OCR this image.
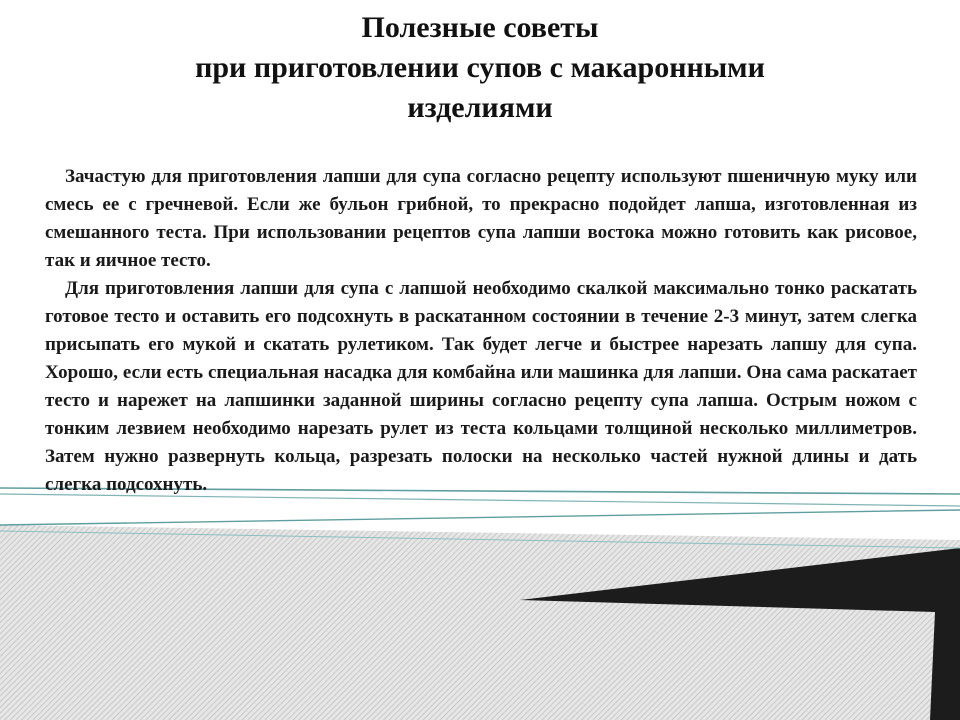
Полезные советы
при приготовлении супов с макаронными
изделиями

Зачастую для приготовления лапши для супа согласно рецепту используют пшеничную муку или смесь ее с гречневой. Если же бульон грибной, то прекрасно подойдет лапша, изготовленная из смешанного теста. При использовании рецептов супа лапши востока можно готовить как рисовое, так и яичное тесто.

Для приготовления лапши для супа с лапшой необходимо скалкой максимально тонко раскатать готовое тесто и оставить его подсохнуть в раскатанном состоянии в течение 2-3 минут, затем слегка присыпать его мукой и скатать рулетиком. Так будет легче и быстрее нарезать лапшу для супа. Хорошо, если есть специальная насадка для комбайна или машинка для лапши. Она сама раскатает тесто и нарежет на лапшинки заданной ширины согласно рецепту супа лапша. Острым ножом с тонким лезвием необходимо нарезать рулет из теста кольцами толщиной несколько миллиметров. Затем нужно развернуть кольца, разрезать полоски на несколько частей нужной длины и дать слегка подсохнуть.
